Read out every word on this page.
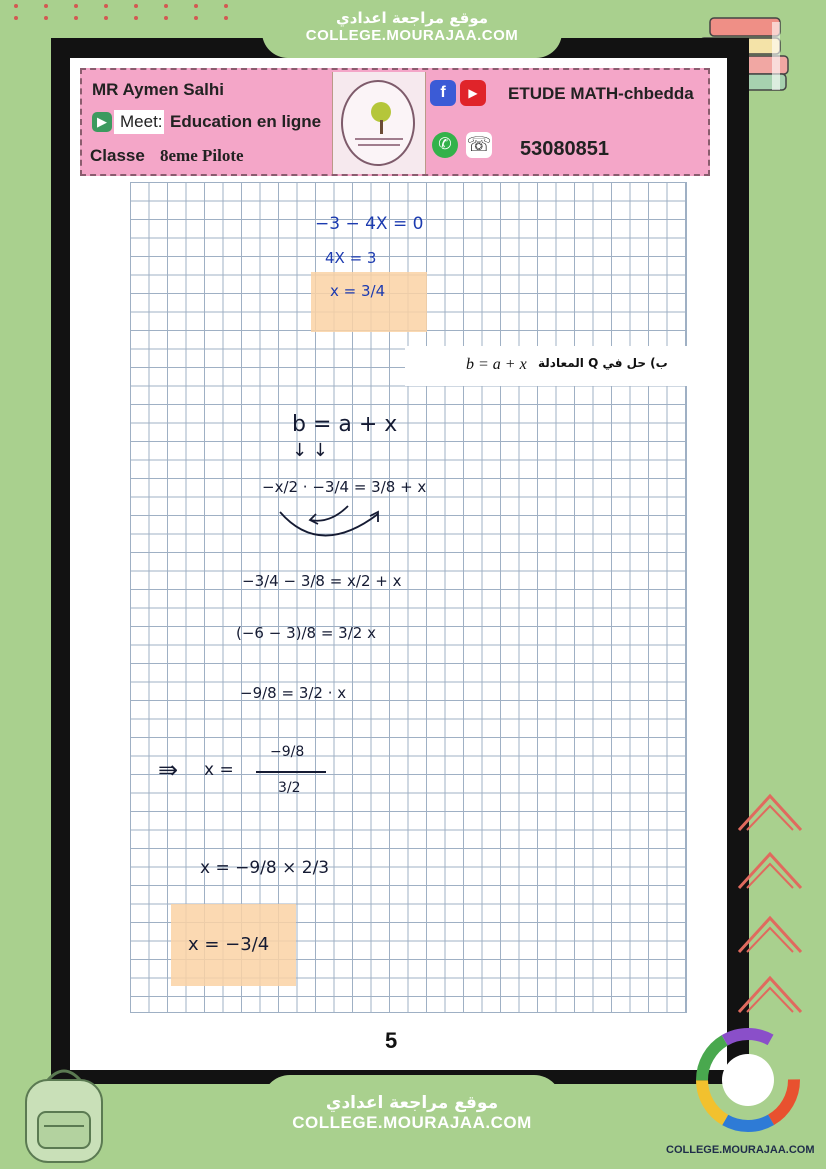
موقع مراجعة اعدادي
COLLEGE.MOURAJAA.COM
MR Aymen Salhi
▶ Meet: Education en ligne
Classe 8eme Pilote
f	▶
✆ ☏
ETUDE MATH-chbedda
53080851
b = a + x ب) حل في Q المعادلة
−3 − 4X = 0
4X = 3
x = 3/4
b = a + x
↓ ↓
−x/2 · −3/4 = 3/8 + x
−3/4 − 3/8 = x/2 + x
(−6 − 3)/8 = 3/2 x
−9/8 = 3/2 · x
⇛ x =
−9/8
3/2
x = −9/8 × 2/3
x = −3/4
5
موقع مراجعة اعدادي
COLLEGE.MOURAJAA.COM
COLLEGE.MOURAJAA.COM
